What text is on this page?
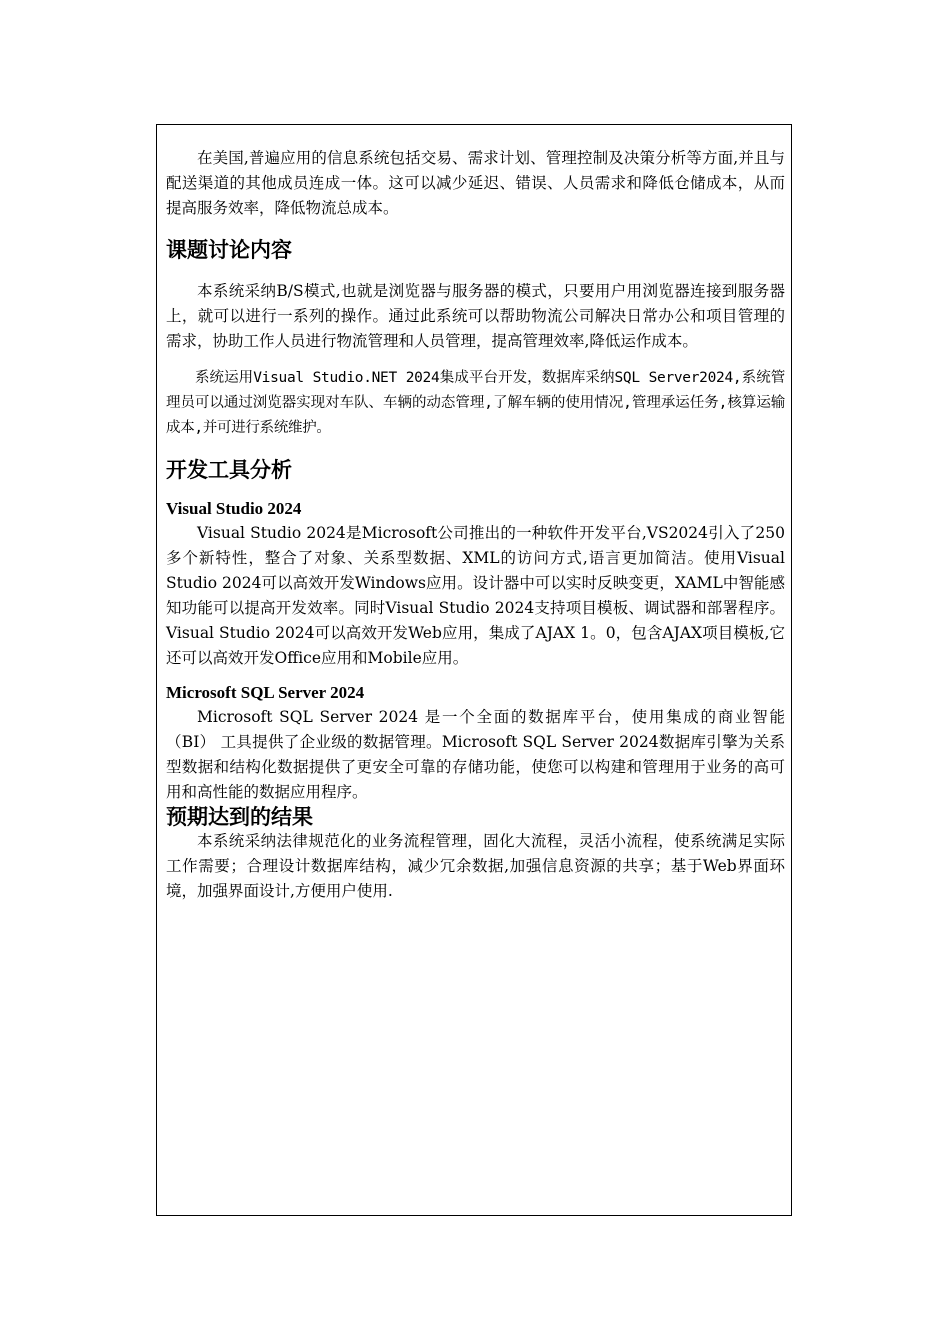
在美国,普遍应用的信息系统包括交易、需求计划、管理控制及决策分析等方面,并且与配送渠道的其他成员连成一体。这可以减少延迟、错误、人员需求和降低仓储成本，从而提高服务效率，降低物流总成本。

课题讨论内容

本系统采纳B/S模式,也就是浏览器与服务器的模式，只要用户用浏览器连接到服务器上，就可以进行一系列的操作。通过此系统可以帮助物流公司解决日常办公和项目管理的需求，协助工作人员进行物流管理和人员管理，提高管理效率,降低运作成本。

系统运用Visual Studio.NET 2024集成平台开发，数据库采纳SQL Server2024,系统管理员可以通过浏览器实现对车队、车辆的动态管理,了解车辆的使用情况,管理承运任务,核算运输成本,并可进行系统维护。

开发工具分析
Visual Studio 2024

Visual Studio 2024是Microsoft公司推出的一种软件开发平台,VS2024引入了250多个新特性，整合了对象、关系型数据、XML的访问方式,语言更加简洁。使用Visual Studio 2024可以高效开发Windows应用。设计器中可以实时反映变更，XAML中智能感知功能可以提高开发效率。同时Visual Studio 2024支持项目模板、调试器和部署程序。Visual Studio 2024可以高效开发Web应用，集成了AJAX 1。0，包含AJAX项目模板,它还可以高效开发Office应用和Mobile应用。

Microsoft SQL Server 2024

Microsoft SQL Server 2024 是一个全面的数据库平台，使用集成的商业智能（BI） 工具提供了企业级的数据管理。Microsoft SQL Server 2024数据库引擎为关系型数据和结构化数据提供了更安全可靠的存储功能，使您可以构建和管理用于业务的高可用和高性能的数据应用程序。

预期达到的结果

本系统采纳法律规范化的业务流程管理，固化大流程，灵活小流程，使系统满足实际工作需要；合理设计数据库结构，减少冗余数据,加强信息资源的共享；基于Web界面环境，加强界面设计,方便用户使用.
